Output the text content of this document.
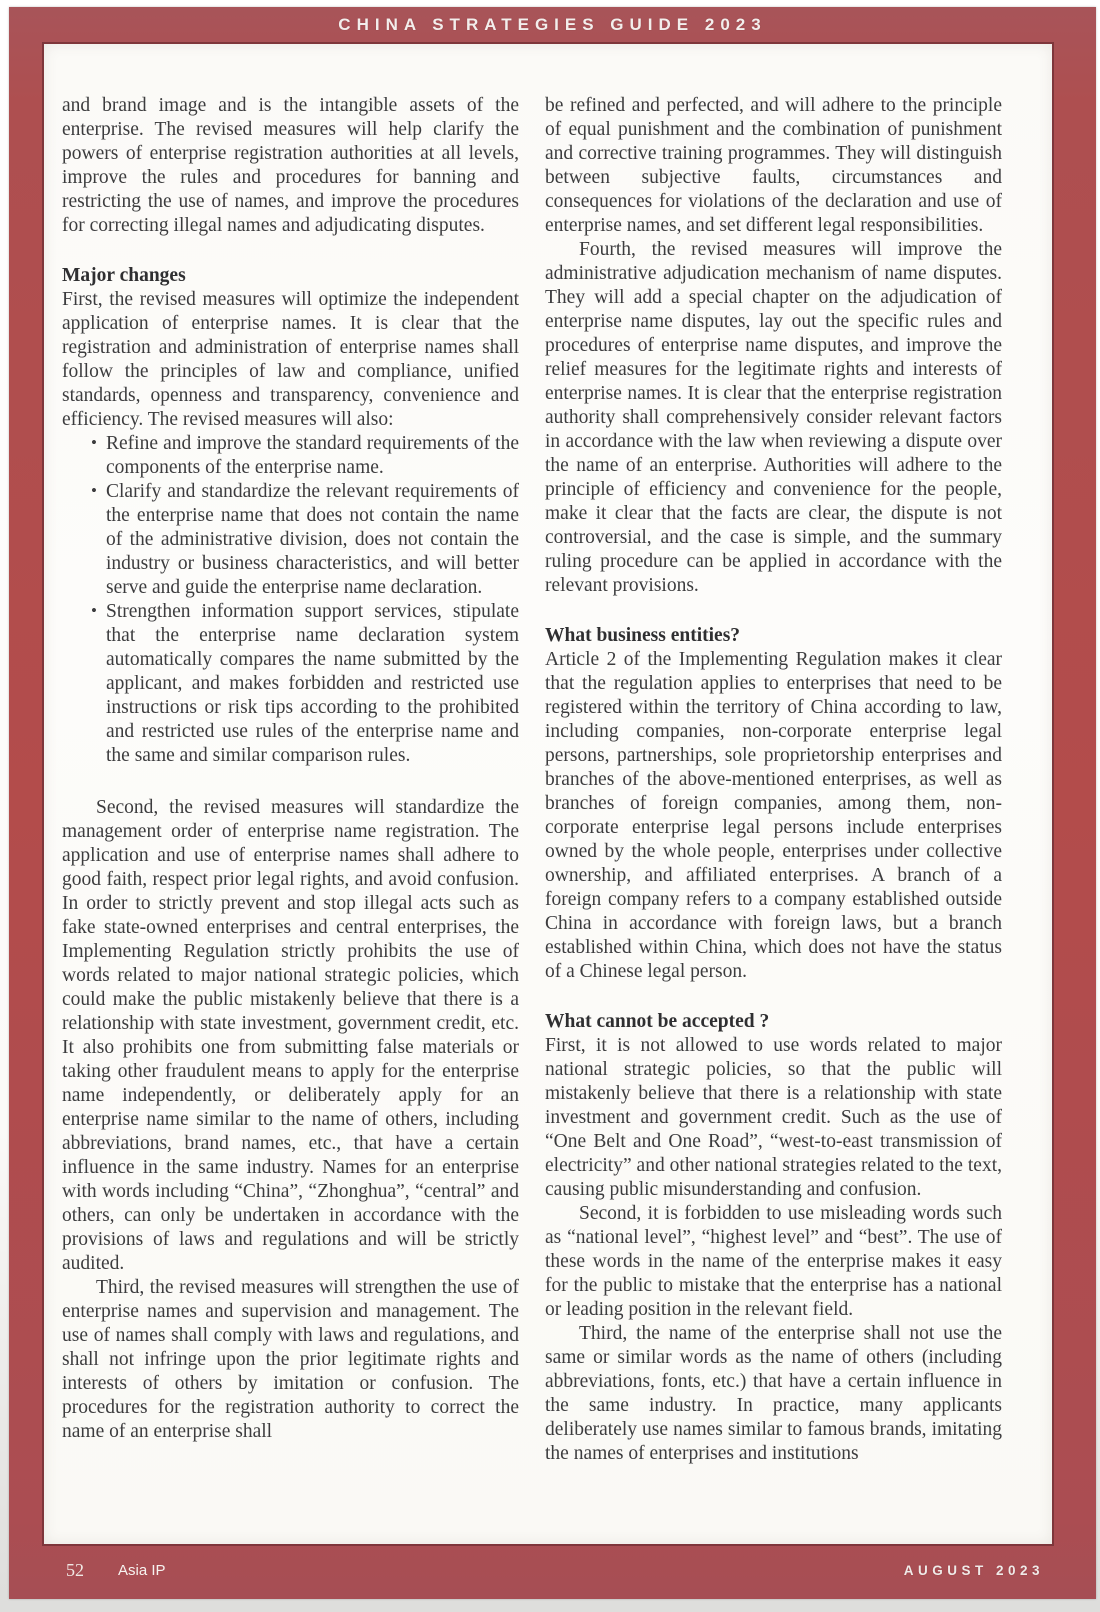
CHINA STRATEGIES GUIDE 2023

and brand image and is the intangible assets of the enterprise. The revised measures will help clarify the powers of enterprise registration authorities at all levels, improve the rules and procedures for banning and restricting the use of names, and improve the procedures for correcting illegal names and adjudicating disputes.

Major changes

First, the revised measures will optimize the independent application of enterprise names. It is clear that the registration and administration of enterprise names shall follow the principles of law and compliance, unified standards, openness and transparency, convenience and efficiency. The revised measures will also:

• Refine and improve the standard requirements of the components of the enterprise name.
• Clarify and standardize the relevant requirements of the enterprise name that does not contain the name of the administrative division, does not contain the industry or business characteristics, and will better serve and guide the enterprise name declaration.
• Strengthen information support services, stipulate that the enterprise name declaration system automatically compares the name submitted by the applicant, and makes forbidden and restricted use instructions or risk tips according to the prohibited and restricted use rules of the enterprise name and the same and similar comparison rules.

Second, the revised measures will standardize the management order of enterprise name registration. The application and use of enterprise names shall adhere to good faith, respect prior legal rights, and avoid confusion. In order to strictly prevent and stop illegal acts such as fake state-owned enterprises and central enterprises, the Implementing Regulation strictly prohibits the use of words related to major national strategic policies, which could make the public mistakenly believe that there is a relationship with state investment, government credit, etc. It also prohibits one from submitting false materials or taking other fraudulent means to apply for the enterprise name independently, or deliberately apply for an enterprise name similar to the name of others, including abbreviations, brand names, etc., that have a certain influence in the same industry. Names for an enterprise with words including “China”, “Zhonghua”, “central” and others, can only be undertaken in accordance with the provisions of laws and regulations and will be strictly audited.

Third, the revised measures will strengthen the use of enterprise names and supervision and management. The use of names shall comply with laws and regulations, and shall not infringe upon the prior legitimate rights and interests of others by imitation or confusion. The procedures for the registration authority to correct the name of an enterprise shall

be refined and perfected, and will adhere to the principle of equal punishment and the combination of punishment and corrective training programmes. They will distinguish between subjective faults, circumstances and consequences for violations of the declaration and use of enterprise names, and set different legal responsibilities.

Fourth, the revised measures will improve the administrative adjudication mechanism of name disputes. They will add a special chapter on the adjudication of enterprise name disputes, lay out the specific rules and procedures of enterprise name disputes, and improve the relief measures for the legitimate rights and interests of enterprise names. It is clear that the enterprise registration authority shall comprehensively consider relevant factors in accordance with the law when reviewing a dispute over the name of an enterprise. Authorities will adhere to the principle of efficiency and convenience for the people, make it clear that the facts are clear, the dispute is not controversial, and the case is simple, and the summary ruling procedure can be applied in accordance with the relevant provisions.

What business entities?

Article 2 of the Implementing Regulation makes it clear that the regulation applies to enterprises that need to be registered within the territory of China according to law, including companies, non-corporate enterprise legal persons, partnerships, sole proprietorship enterprises and branches of the above-mentioned enterprises, as well as branches of foreign companies, among them, non-corporate enterprise legal persons include enterprises owned by the whole people, enterprises under collective ownership, and affiliated enterprises. A branch of a foreign company refers to a company established outside China in accordance with foreign laws, but a branch established within China, which does not have the status of a Chinese legal person.

What cannot be accepted ?

First, it is not allowed to use words related to major national strategic policies, so that the public will mistakenly believe that there is a relationship with state investment and government credit. Such as the use of “One Belt and One Road”, “west-to-east transmission of electricity” and other national strategies related to the text, causing public misunderstanding and confusion.

Second, it is forbidden to use misleading words such as “national level”, “highest level” and “best”. The use of these words in the name of the enterprise makes it easy for the public to mistake that the enterprise has a national or leading position in the relevant field.

Third, the name of the enterprise shall not use the same or similar words as the name of others (including abbreviations, fonts, etc.) that have a certain influence in the same industry. In practice, many applicants deliberately use names similar to famous brands, imitating the names of enterprises and institutions

52 Asia IP	AUGUST 2023
